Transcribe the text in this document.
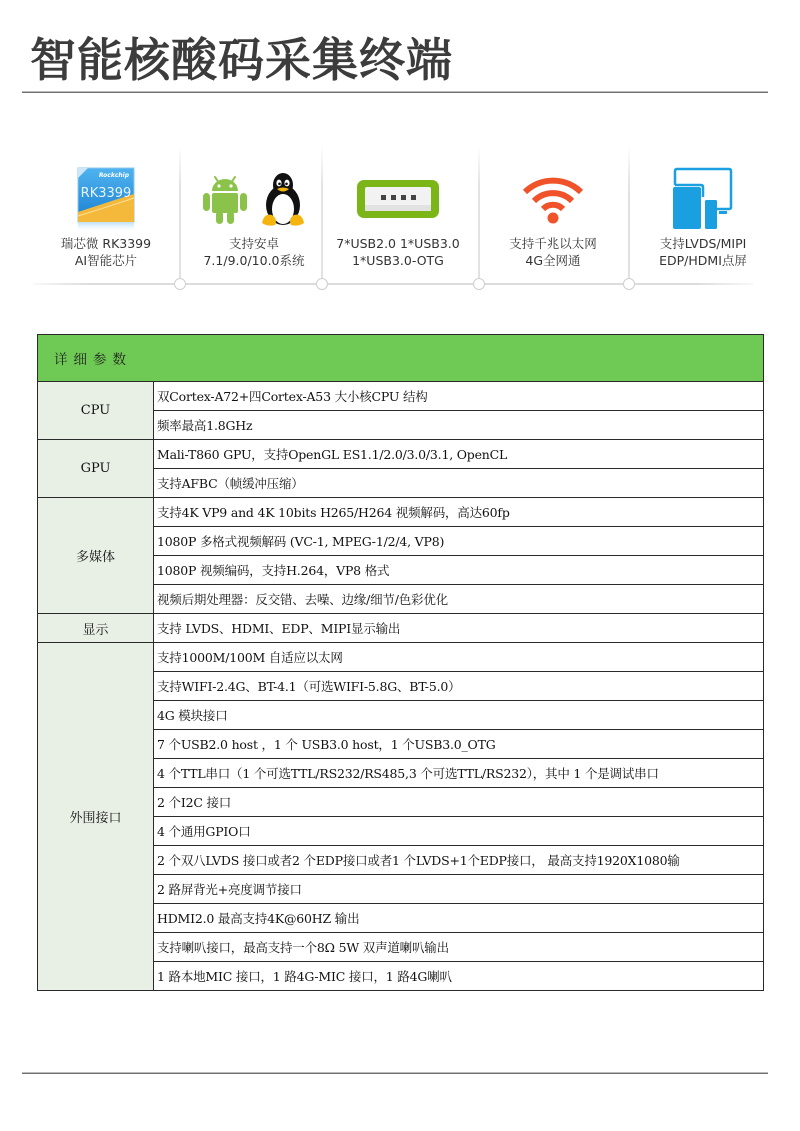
智能核酸码采集终端
Rockchip
RK3399
瑞芯微 RK3399
AI智能芯片
支持安卓
7.1/9.0/10.0系统
7*USB2.0 1*USB3.0
1*USB3.0-OTG
支持千兆以太网
4G全网通
支持LVDS/MIPI
EDP/HDMI点屏
详细参数	
CPU	双Cortex-A72+四Cortex-A53 大小核CPU 结构
	频率最高1.8GHz
GPU	Mali-T860 GPU，支持OpenGL ES1.1/2.0/3.0/3.1, OpenCL
	支持AFBC（帧缓冲压缩）
多媒体	支持4K VP9 and 4K 10bits H265/H264 视频解码，高达60fp
	1080P 多格式视频解码 (VC-1, MPEG-1/2/4, VP8)
	1080P 视频编码，支持H.264，VP8 格式
	视频后期处理器：反交错、去噪、边缘/细节/色彩优化
显示	支持 LVDS、HDMI、EDP、MIPI显示输出
外围接口	支持1000M/100M 自适应以太网
	支持WIFI-2.4G、BT-4.1（可选WIFI-5.8G、BT-5.0）
	4G 模块接口
	7 个USB2.0 host ，1 个 USB3.0 host，1 个USB3.0_OTG
	4 个TTL串口（1 个可选TTL/RS232/RS485,3 个可选TTL/RS232），其中 1 个是调试串口
	2 个I2C 接口
	4 个通用GPIO口
	2 个双八LVDS 接口或者2 个EDP接口或者1 个LVDS+1个EDP接口， 最高支持1920X1080输
	2 路屏背光+亮度调节接口
	HDMI2.0 最高支持4K@60HZ 输出
	支持喇叭接口，最高支持一个8Ω 5W 双声道喇叭输出
	1 路本地MIC 接口，1 路4G-MIC 接口，1 路4G喇叭
